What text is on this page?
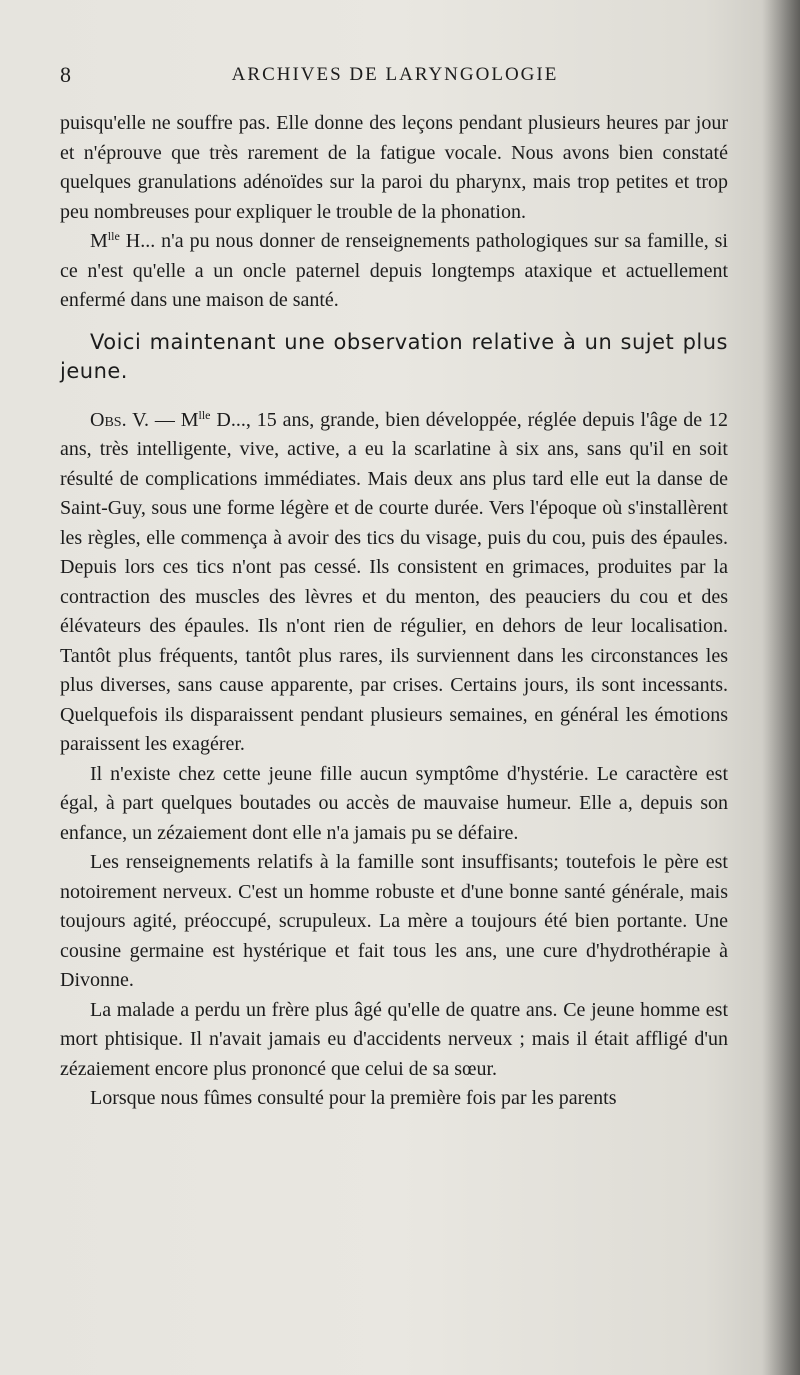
8	ARCHIVES DE LARYNGOLOGIE

puisqu'elle ne souffre pas. Elle donne des leçons pendant plusieurs heures par jour et n'éprouve que très rarement de la fatigue vocale. Nous avons bien constaté quelques granulations adénoïdes sur la paroi du pharynx, mais trop petites et trop peu nombreuses pour expliquer le trouble de la phonation.

$M^{lle}$ H... n'a pu nous donner de renseignements pathologiques sur sa famille, si ce n'est qu'elle a un oncle paternel depuis longtemps ataxique et actuellement enfermé dans une maison de santé.

Voici maintenant une observation relative à un sujet plus jeune.

Obs. V. — $M^{lle}$ D..., 15 ans, grande, bien développée, réglée depuis l'âge de 12 ans, très intelligente, vive, active, a eu la scarlatine à six ans, sans qu'il en soit résulté de complications immédiates. Mais deux ans plus tard elle eut la danse de Saint-Guy, sous une forme légère et de courte durée. Vers l'époque où s'installèrent les règles, elle commença à avoir des tics du visage, puis du cou, puis des épaules. Depuis lors ces tics n'ont pas cessé. Ils consistent en grimaces, produites par la contraction des muscles des lèvres et du menton, des peauciers du cou et des élévateurs des épaules. Ils n'ont rien de régulier, en dehors de leur localisation. Tantôt plus fréquents, tantôt plus rares, ils surviennent dans les circonstances les plus diverses, sans cause apparente, par crises. Certains jours, ils sont incessants. Quelquefois ils disparaissent pendant plusieurs semaines, en général les émotions paraissent les exagérer.

Il n'existe chez cette jeune fille aucun symptôme d'hystérie. Le caractère est égal, à part quelques boutades ou accès de mauvaise humeur. Elle a, depuis son enfance, un zézaiement dont elle n'a jamais pu se défaire.

Les renseignements relatifs à la famille sont insuffisants; toutefois le père est notoirement nerveux. C'est un homme robuste et d'une bonne santé générale, mais toujours agité, préoccupé, scrupuleux. La mère a toujours été bien portante. Une cousine germaine est hystérique et fait tous les ans, une cure d'hydrothérapie à Divonne.

La malade a perdu un frère plus âgé qu'elle de quatre ans. Ce jeune homme est mort phtisique. Il n'avait jamais eu d'accidents nerveux ; mais il était affligé d'un zézaiement encore plus prononcé que celui de sa sœur.

Lorsque nous fûmes consulté pour la première fois par les parents
